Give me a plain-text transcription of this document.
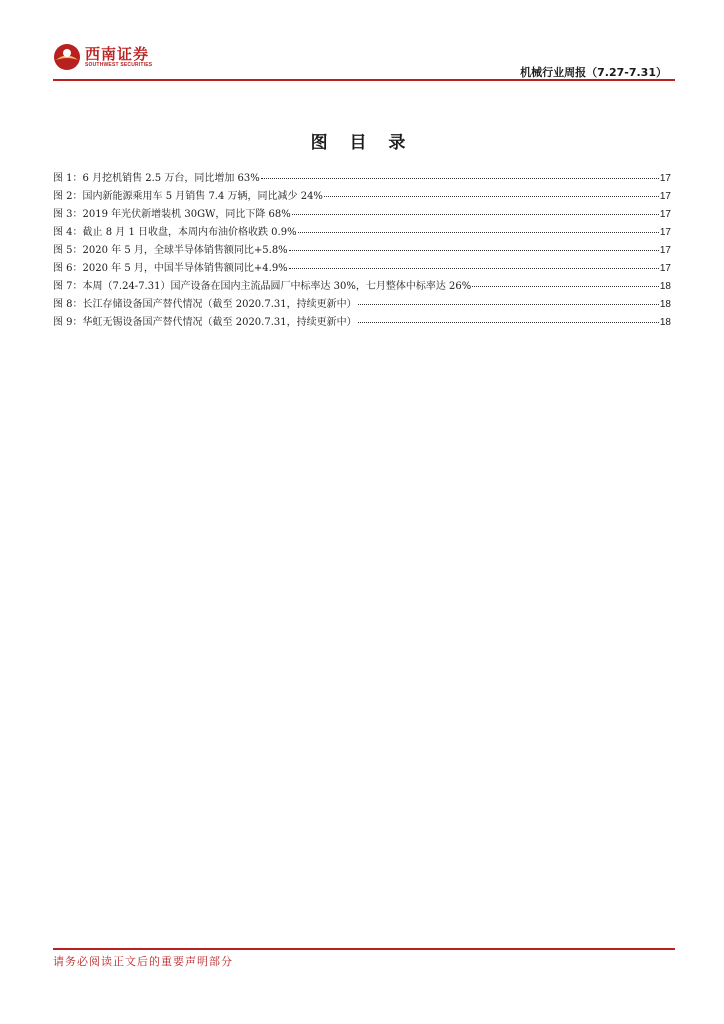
西南证券
SOUTHWEST SECURITIES
机械行业周报（7.27-7.31）
图 目 录
图 1： 6 月挖机销售 2.5 万台，同比增加 63%	17
图 2： 国内新能源乘用车 5 月销售 7.4 万辆，同比减少 24%	17
图 3： 2019 年光伏新增装机 30GW，同比下降 68%	17
图 4： 截止 8 月 1 日收盘，本周内布油价格收跌 0.9%	17
图 5： 2020 年 5 月，全球半导体销售额同比+5.8%	17
图 6： 2020 年 5 月，中国半导体销售额同比+4.9%	17
图 7： 本周（7.24-7.31）国产设备在国内主流晶圆厂中标率达 30%，七月整体中标率达 26%	18
图 8： 长江存储设备国产替代情况（截至 2020.7.31，持续更新中）	18
图 9： 华虹无锡设备国产替代情况（截至 2020.7.31，持续更新中）	18
请务必阅读正文后的重要声明部分
